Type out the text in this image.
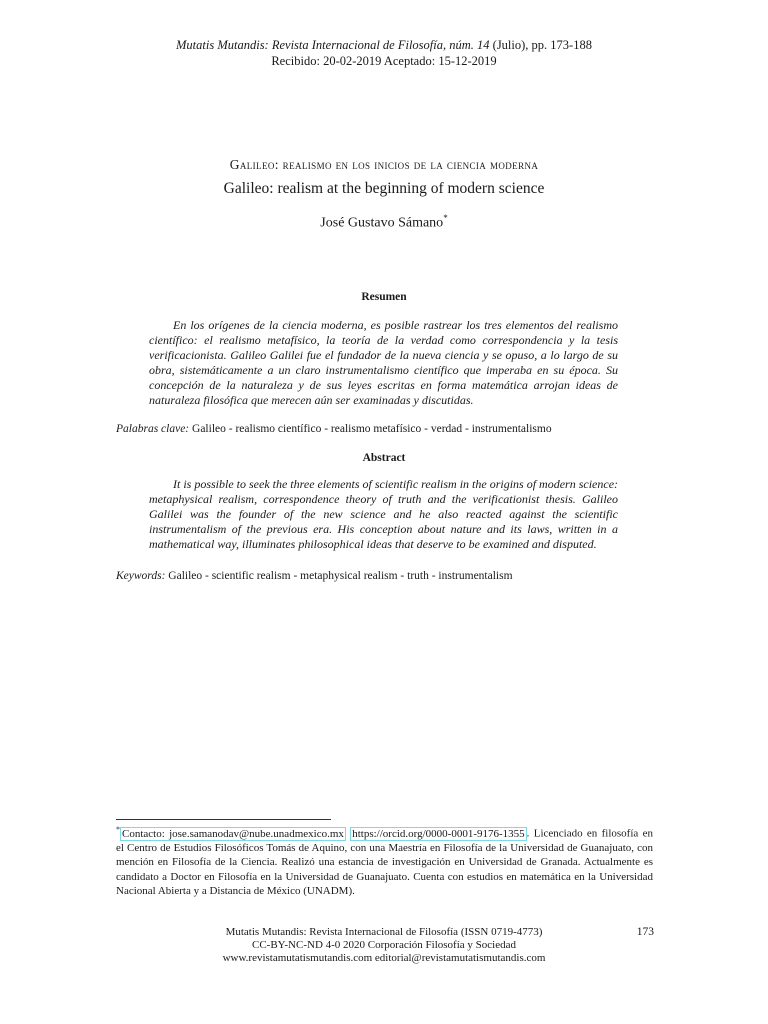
Mutatis Mutandis: Revista Internacional de Filosofía, núm. 14 (Julio), pp. 173-188
Recibido: 20-02-2019 Aceptado: 15-12-2019
Galileo: realismo en los inicios de la ciencia moderna
Galileo: realism at the beginning of modern science
José Gustavo Sámano*
Resumen
En los orígenes de la ciencia moderna, es posible rastrear los tres elementos del realismo científico: el realismo metafísico, la teoría de la verdad como correspondencia y la tesis verificacionista. Galileo Galilei fue el fundador de la nueva ciencia y se opuso, a lo largo de su obra, sistemáticamente a un claro instrumentalismo científico que imperaba en su época. Su concepción de la naturaleza y de sus leyes escritas en forma matemática arrojan ideas de naturaleza filosófica que merecen aún ser examinadas y discutidas.
Palabras clave: Galileo - realismo científico - realismo metafísico - verdad - instrumentalismo
Abstract
It is possible to seek the three elements of scientific realism in the origins of modern science: metaphysical realism, correspondence theory of truth and the verificationist thesis. Galileo Galilei was the founder of the new science and he also reacted against the scientific instrumentalism of the previous era. His conception about nature and its laws, written in a mathematical way, illuminates philosophical ideas that deserve to be examined and disputed.
Keywords: Galileo - scientific realism - metaphysical realism - truth - instrumentalism
* Contacto: jose.samanodav@nube.unadmexico.mx https://orcid.org/0000-0001-9176-1355 . Licenciado en filosofía en el Centro de Estudios Filosóficos Tomás de Aquino, con una Maestría en Filosofía de la Universidad de Guanajuato, con mención en Filosofía de la Ciencia. Realizó una estancia de investigación en Universidad de Granada. Actualmente es candidato a Doctor en Filosofía en la Universidad de Guanajuato. Cuenta con estudios en matemática en la Universidad Nacional Abierta y a Distancia de México (UNADM).
Mutatis Mutandis: Revista Internacional de Filosofía (ISSN 0719-4773)
CC-BY-NC-ND 4-0 2020 Corporación Filosofía y Sociedad
www.revistamutatismutandis.com editorial@revistamutatismutandis.com
173
